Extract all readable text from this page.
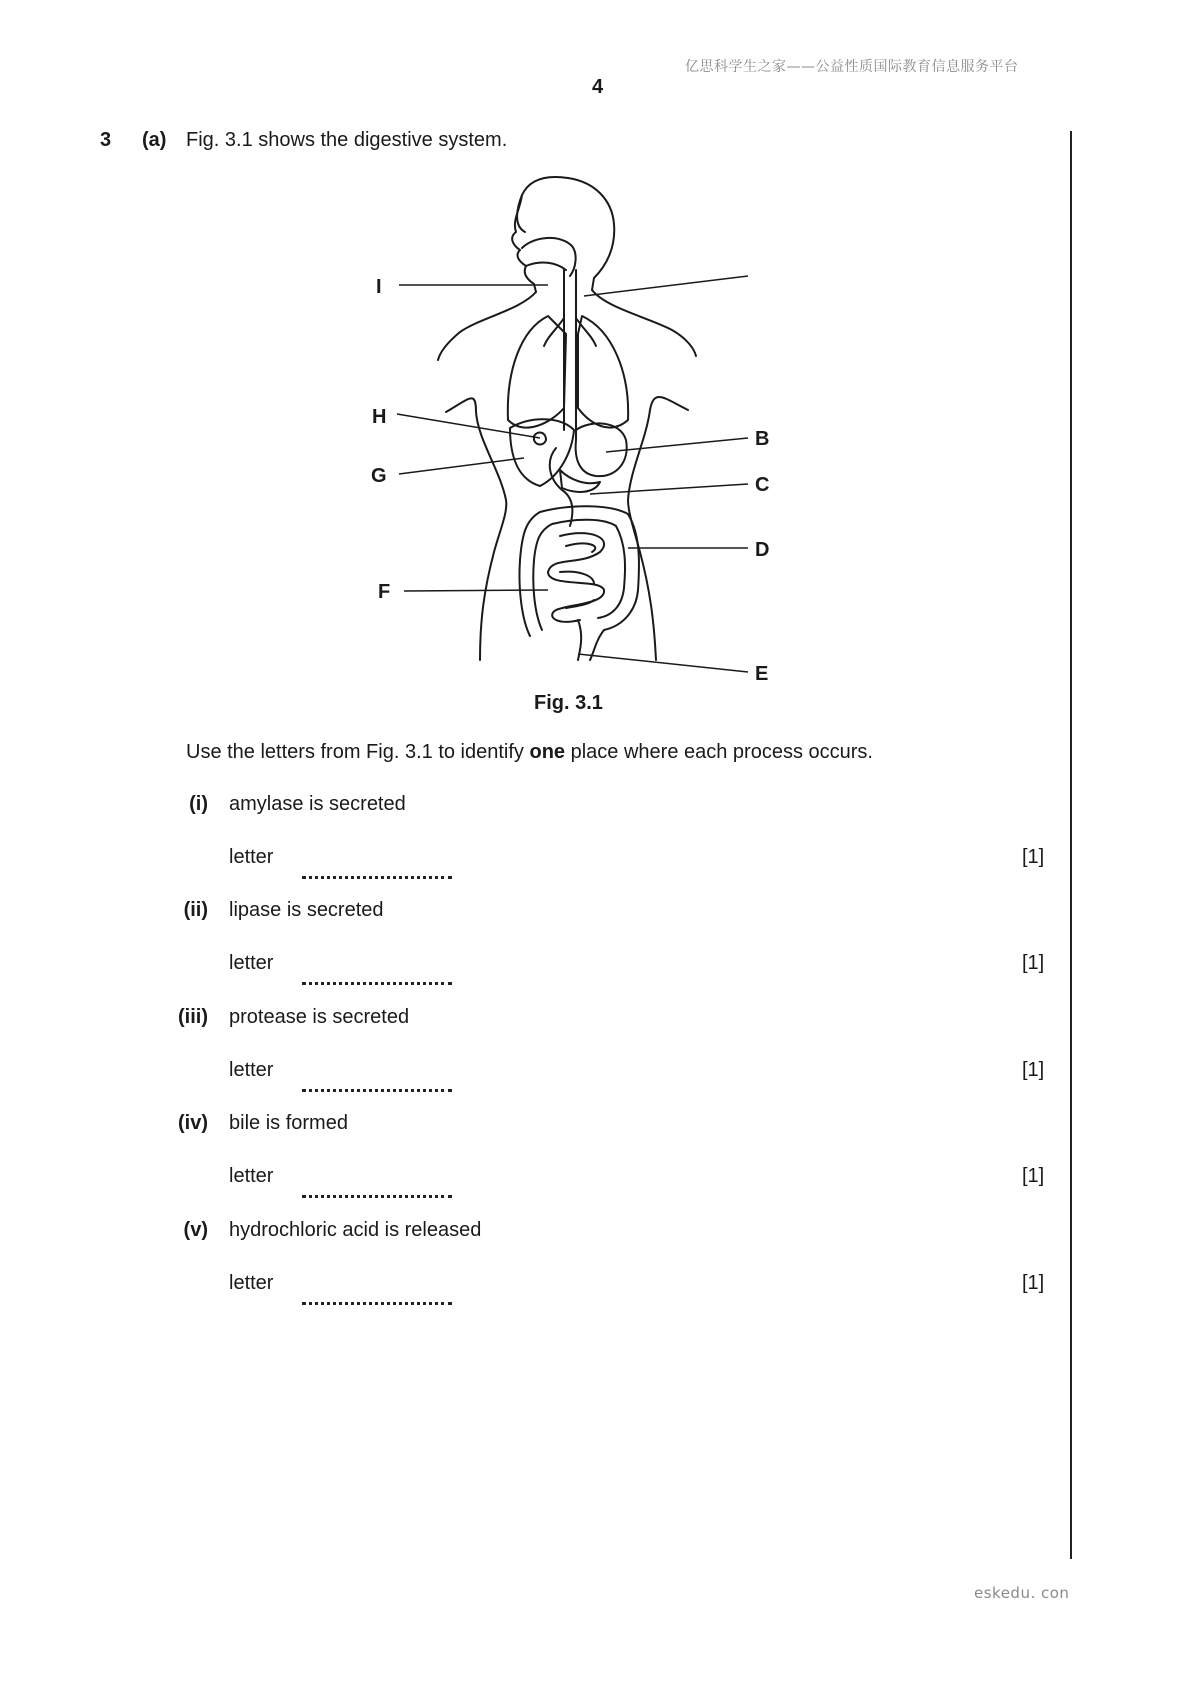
亿思科学生之家——公益性质国际教育信息服务平台
4
3 (a) Fig. 3.1 shows the digestive system.
I
H
G
F
B
C
D
E
Fig. 3.1
Use the letters from Fig. 3.1 to identify one place where each process occurs.
(i) amylase is secreted
letter	[1]
(ii) lipase is secreted
letter	[1]
(iii) protease is secreted
letter	[1]
(iv) bile is formed
letter	[1]
(v) hydrochloric acid is released
letter	[1]
eskedu. con
